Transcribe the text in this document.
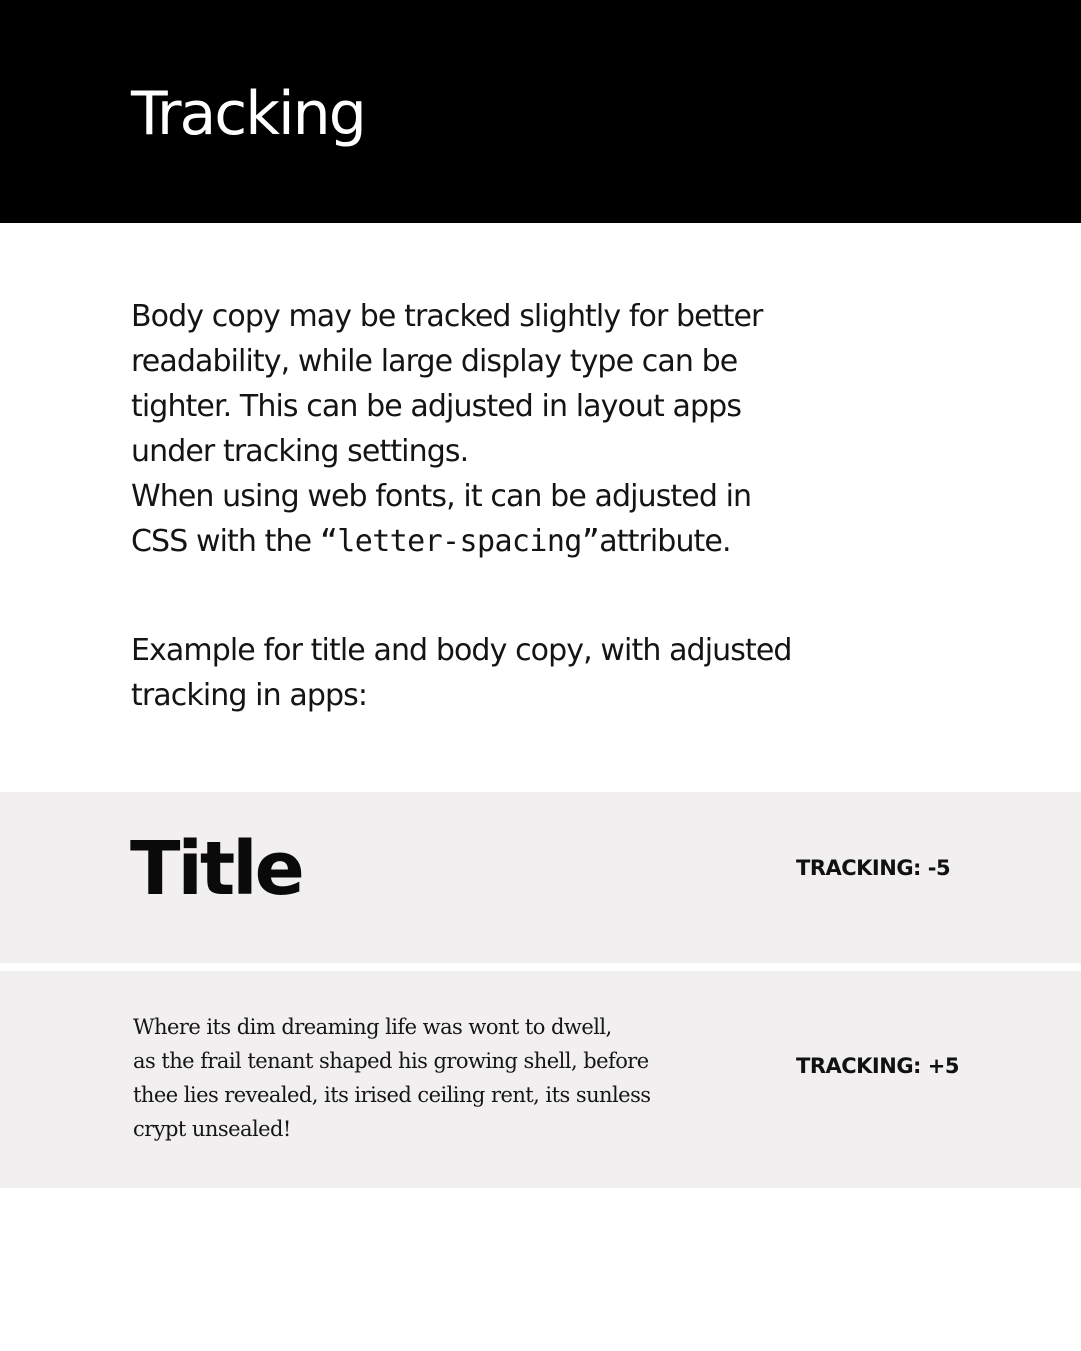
Tracking

Body copy may be tracked slightly for better
readability, while large display type can be
tighter. This can be adjusted in layout apps
under tracking settings.
When using web fonts, it can be adjusted in
CSS with the “letter-spacing”attribute.

Example for title and body copy, with adjusted
tracking in apps:

Title	TRACKING: -5

Where its dim dreaming life was wont to dwell,
as the frail tenant shaped his growing shell, before
thee lies revealed, its irised ceiling rent, its sunless
crypt unsealed!

TRACKING: +5
